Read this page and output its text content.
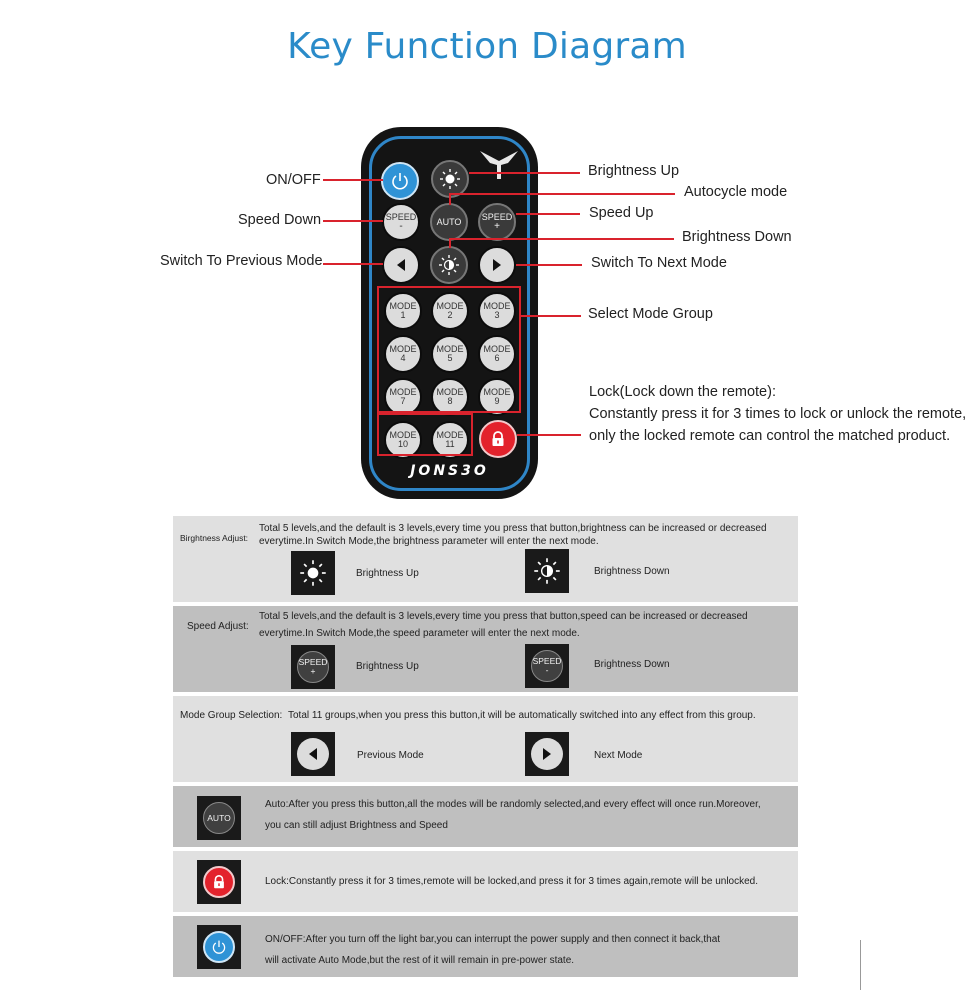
Key Function Diagram
JONS3O
SPEED
-	AUTO SPEED
+
MODE
1
MODE
2
MODE
3
MODE
4
MODE
5
MODE
6
MODE
7
MODE
8
MODE
9
MODE
10
MODE
11
ON/OFF
Speed Down
Switch To Previous Mode
Brightness Up
Autocycle mode
Speed Up
Brightness Down
Switch To Next Mode
Select Mode Group
Lock(Lock down the remote):
Constantly press it for 3 times to lock or unlock the remote,
only the locked remote can control the matched product.
Birghtness Adjust:
Total 5 levels,and the default is 3 levels,every time you press that button,brightness can be increased or decreased
everytime.In Switch Mode,the brightness parameter will enter the next mode.
Brightness Up	Brightness Down
Speed Adjust:
Total 5 levels,and the default is 3 levels,every time you press that button,speed can be increased or decreased
everytime.In Switch Mode,the speed parameter will enter the next mode.
SPEED
+	Brightness Up	SPEED
-	Brightness Down
Mode Group Selection: Total 11 groups,when you press this button,it will be automatically switched into any effect from this group.
Previous Mode	Next Mode
AUTO
Auto:After you press this button,all the modes will be randomly selected,and every effect will once run.Moreover,
you can still adjust Brightness and Speed
Lock:Constantly press it for 3 times,remote will be locked,and press it for 3 times again,remote will be unlocked.
ON/OFF:After you turn off the light bar,you can interrupt the power supply and then connect it back,that
will activate Auto Mode,but the rest of it will remain in pre-power state.
